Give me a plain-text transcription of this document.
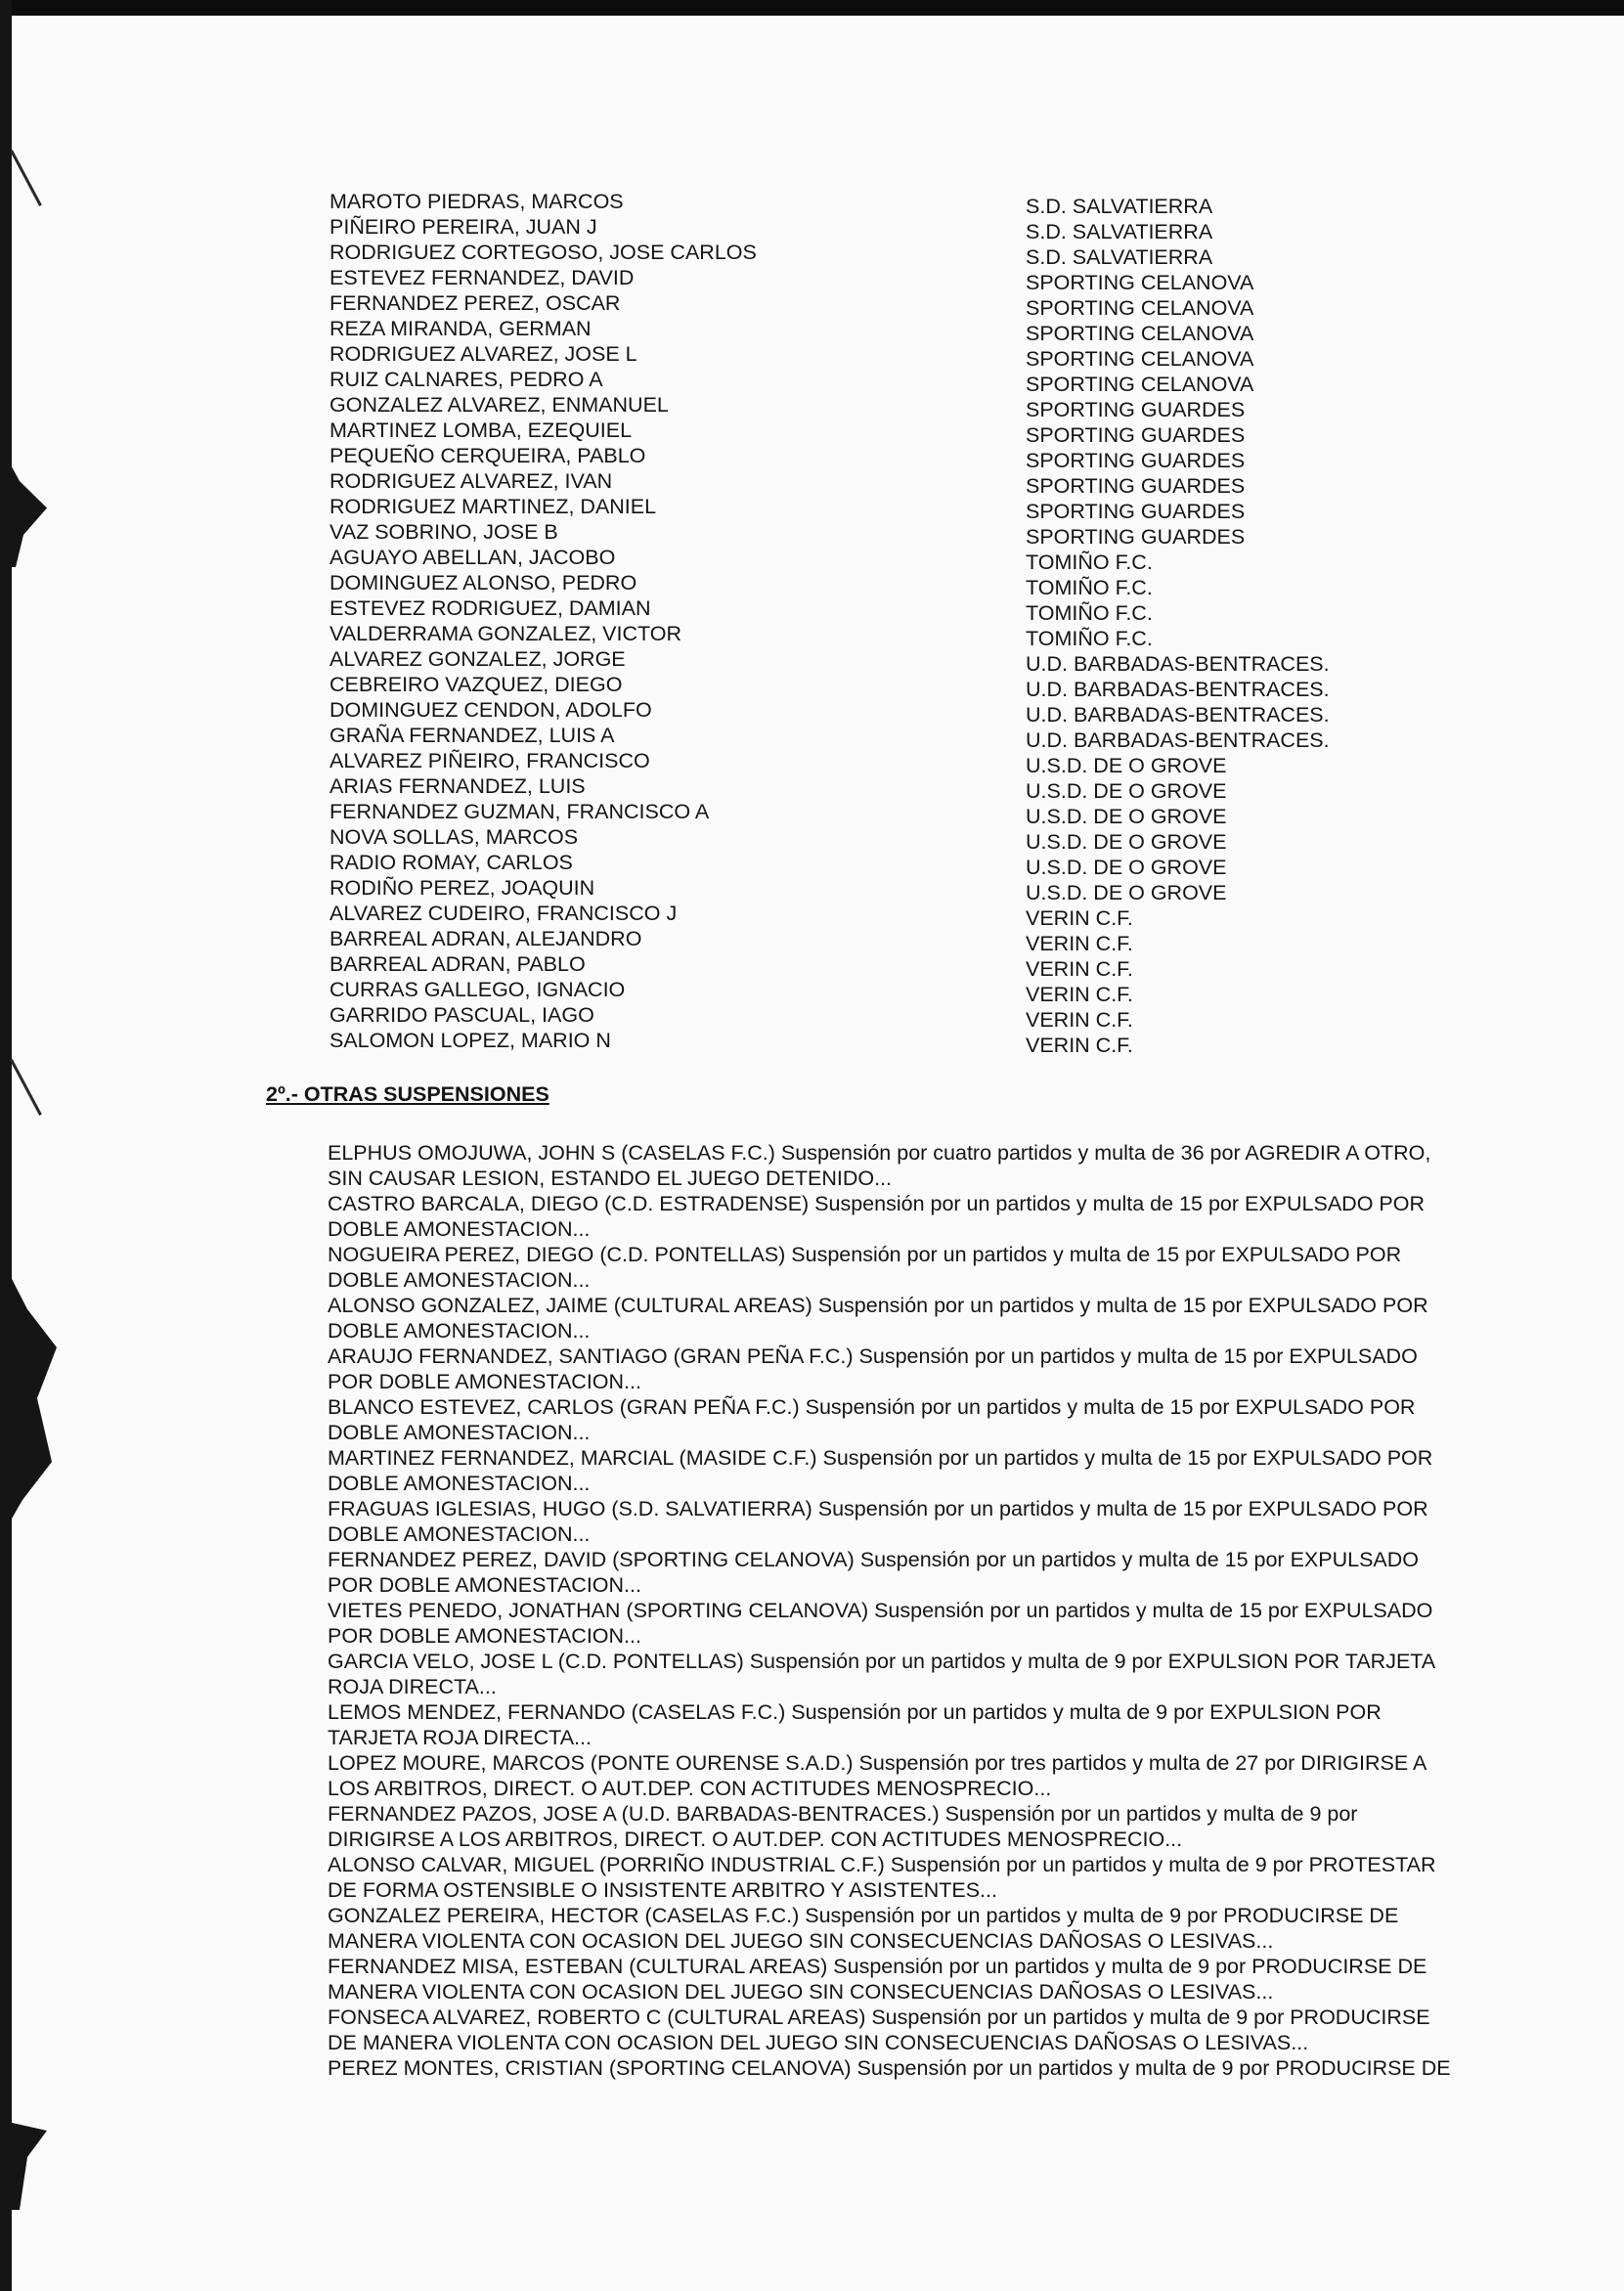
MAROTO PIEDRAS, MARCOS	S.D. SALVATIERRA
PIÑEIRO PEREIRA, JUAN J	S.D. SALVATIERRA
RODRIGUEZ CORTEGOSO, JOSE CARLOS	S.D. SALVATIERRA
ESTEVEZ FERNANDEZ, DAVID	SPORTING CELANOVA
FERNANDEZ PEREZ, OSCAR	SPORTING CELANOVA
REZA MIRANDA, GERMAN	SPORTING CELANOVA
RODRIGUEZ ALVAREZ, JOSE L	SPORTING CELANOVA
RUIZ CALNARES, PEDRO A	SPORTING CELANOVA
GONZALEZ ALVAREZ, ENMANUEL	SPORTING GUARDES
MARTINEZ LOMBA, EZEQUIEL	SPORTING GUARDES
PEQUEÑO CERQUEIRA, PABLO	SPORTING GUARDES
RODRIGUEZ ALVAREZ, IVAN	SPORTING GUARDES
RODRIGUEZ MARTINEZ, DANIEL	SPORTING GUARDES
VAZ SOBRINO, JOSE B	SPORTING GUARDES
AGUAYO ABELLAN, JACOBO	TOMIÑO F.C.
DOMINGUEZ ALONSO, PEDRO	TOMIÑO F.C.
ESTEVEZ RODRIGUEZ, DAMIAN	TOMIÑO F.C.
VALDERRAMA GONZALEZ, VICTOR	TOMIÑO F.C.
ALVAREZ GONZALEZ, JORGE	U.D. BARBADAS-BENTRACES.
CEBREIRO VAZQUEZ, DIEGO	U.D. BARBADAS-BENTRACES.
DOMINGUEZ CENDON, ADOLFO	U.D. BARBADAS-BENTRACES.
GRAÑA FERNANDEZ, LUIS A	U.D. BARBADAS-BENTRACES.
ALVAREZ PIÑEIRO, FRANCISCO	U.S.D. DE O GROVE
ARIAS FERNANDEZ, LUIS	U.S.D. DE O GROVE
FERNANDEZ GUZMAN, FRANCISCO A	U.S.D. DE O GROVE
NOVA SOLLAS, MARCOS	U.S.D. DE O GROVE
RADIO ROMAY, CARLOS	U.S.D. DE O GROVE
RODIÑO PEREZ, JOAQUIN	U.S.D. DE O GROVE
ALVAREZ CUDEIRO, FRANCISCO J	VERIN C.F.
BARREAL ADRAN, ALEJANDRO	VERIN C.F.
BARREAL ADRAN, PABLO	VERIN C.F.
CURRAS GALLEGO, IGNACIO	VERIN C.F.
GARRIDO PASCUAL, IAGO	VERIN C.F.
SALOMON LOPEZ, MARIO N	VERIN C.F.
2º.- OTRAS SUSPENSIONES
ELPHUS OMOJUWA, JOHN S (CASELAS F.C.) Suspensión por cuatro partidos y multa de 36 por AGREDIR A OTRO,
SIN CAUSAR LESION, ESTANDO EL JUEGO DETENIDO...
CASTRO BARCALA, DIEGO (C.D. ESTRADENSE) Suspensión por un partidos y multa de 15 por EXPULSADO POR
DOBLE AMONESTACION...
NOGUEIRA PEREZ, DIEGO (C.D. PONTELLAS) Suspensión por un partidos y multa de 15 por EXPULSADO POR
DOBLE AMONESTACION...
ALONSO GONZALEZ, JAIME (CULTURAL AREAS) Suspensión por un partidos y multa de 15 por EXPULSADO POR
DOBLE AMONESTACION...
ARAUJO FERNANDEZ, SANTIAGO (GRAN PEÑA F.C.) Suspensión por un partidos y multa de 15 por EXPULSADO
POR DOBLE AMONESTACION...
BLANCO ESTEVEZ, CARLOS (GRAN PEÑA F.C.) Suspensión por un partidos y multa de 15 por EXPULSADO POR
DOBLE AMONESTACION...
MARTINEZ FERNANDEZ, MARCIAL (MASIDE C.F.) Suspensión por un partidos y multa de 15 por EXPULSADO POR
DOBLE AMONESTACION...
FRAGUAS IGLESIAS, HUGO (S.D. SALVATIERRA) Suspensión por un partidos y multa de 15 por EXPULSADO POR
DOBLE AMONESTACION...
FERNANDEZ PEREZ, DAVID (SPORTING CELANOVA) Suspensión por un partidos y multa de 15 por EXPULSADO
POR DOBLE AMONESTACION...
VIETES PENEDO, JONATHAN (SPORTING CELANOVA) Suspensión por un partidos y multa de 15 por EXPULSADO
POR DOBLE AMONESTACION...
GARCIA VELO, JOSE L (C.D. PONTELLAS) Suspensión por un partidos y multa de 9 por EXPULSION POR TARJETA
ROJA DIRECTA...
LEMOS MENDEZ, FERNANDO (CASELAS F.C.) Suspensión por un partidos y multa de 9 por EXPULSION POR
TARJETA ROJA DIRECTA...
LOPEZ MOURE, MARCOS (PONTE OURENSE S.A.D.) Suspensión por tres partidos y multa de 27 por DIRIGIRSE A
LOS ARBITROS, DIRECT. O AUT.DEP. CON ACTITUDES MENOSPRECIO...
FERNANDEZ PAZOS, JOSE A (U.D. BARBADAS-BENTRACES.) Suspensión por un partidos y multa de 9 por
DIRIGIRSE A LOS ARBITROS, DIRECT. O AUT.DEP. CON ACTITUDES MENOSPRECIO...
ALONSO CALVAR, MIGUEL (PORRIÑO INDUSTRIAL C.F.) Suspensión por un partidos y multa de 9 por PROTESTAR
DE FORMA OSTENSIBLE O INSISTENTE ARBITRO Y ASISTENTES...
GONZALEZ PEREIRA, HECTOR (CASELAS F.C.) Suspensión por un partidos y multa de 9 por PRODUCIRSE DE
MANERA VIOLENTA CON OCASION DEL JUEGO SIN CONSECUENCIAS DAÑOSAS O LESIVAS...
FERNANDEZ MISA, ESTEBAN (CULTURAL AREAS) Suspensión por un partidos y multa de 9 por PRODUCIRSE DE
MANERA VIOLENTA CON OCASION DEL JUEGO SIN CONSECUENCIAS DAÑOSAS O LESIVAS...
FONSECA ALVAREZ, ROBERTO C (CULTURAL AREAS) Suspensión por un partidos y multa de 9 por PRODUCIRSE
DE MANERA VIOLENTA CON OCASION DEL JUEGO SIN CONSECUENCIAS DAÑOSAS O LESIVAS...
PEREZ MONTES, CRISTIAN (SPORTING CELANOVA) Suspensión por un partidos y multa de 9 por PRODUCIRSE DE
